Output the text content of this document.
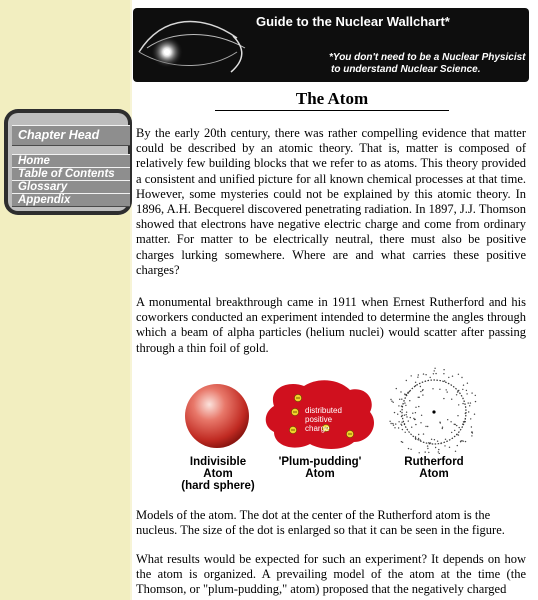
Chapter Head
Home
Table of Contents
Glossary
Appendix
Guide to the Nuclear Wallchart*
*You don't need to be a Nuclear Physicist
to understand Nuclear Science.
The Atom

By the early 20th century, there was rather compelling evidence that matter could be described by an atomic theory. That is, matter is composed of relatively few building blocks that we refer to as atoms. This theory provided a consistent and unified picture for all known chemical processes at that time. However, some mysteries could not be explained by this atomic theory. In 1896, A.H. Becquerel discovered penetrating radiation. In 1897, J.J. Thomson showed that electrons have negative electric charge and come from ordinary matter. For matter to be electrically neutral, there must also be positive charges lurking somewhere. Where are and what carries these positive charges?

A monumental breakthrough came in 1911 when Ernest Rutherford and his coworkers conducted an experiment intended to determine the angles through which a beam of alpha particles (helium nuclei) would scatter after passing through a thin foil of gold.

distributed
positive
charge
Indivisible
Atom
(hard sphere)
'Plum-pudding'
Atom
Rutherford
Atom

Models of the atom. The dot at the center of the Rutherford atom is the nucleus. The size of the dot is enlarged so that it can be seen in the figure.

What results would be expected for such an experiment? It depends on how the atom is organized. A prevailing model of the atom at the time (the Thomson, or "plum-pudding," atom) proposed that the negatively charged
